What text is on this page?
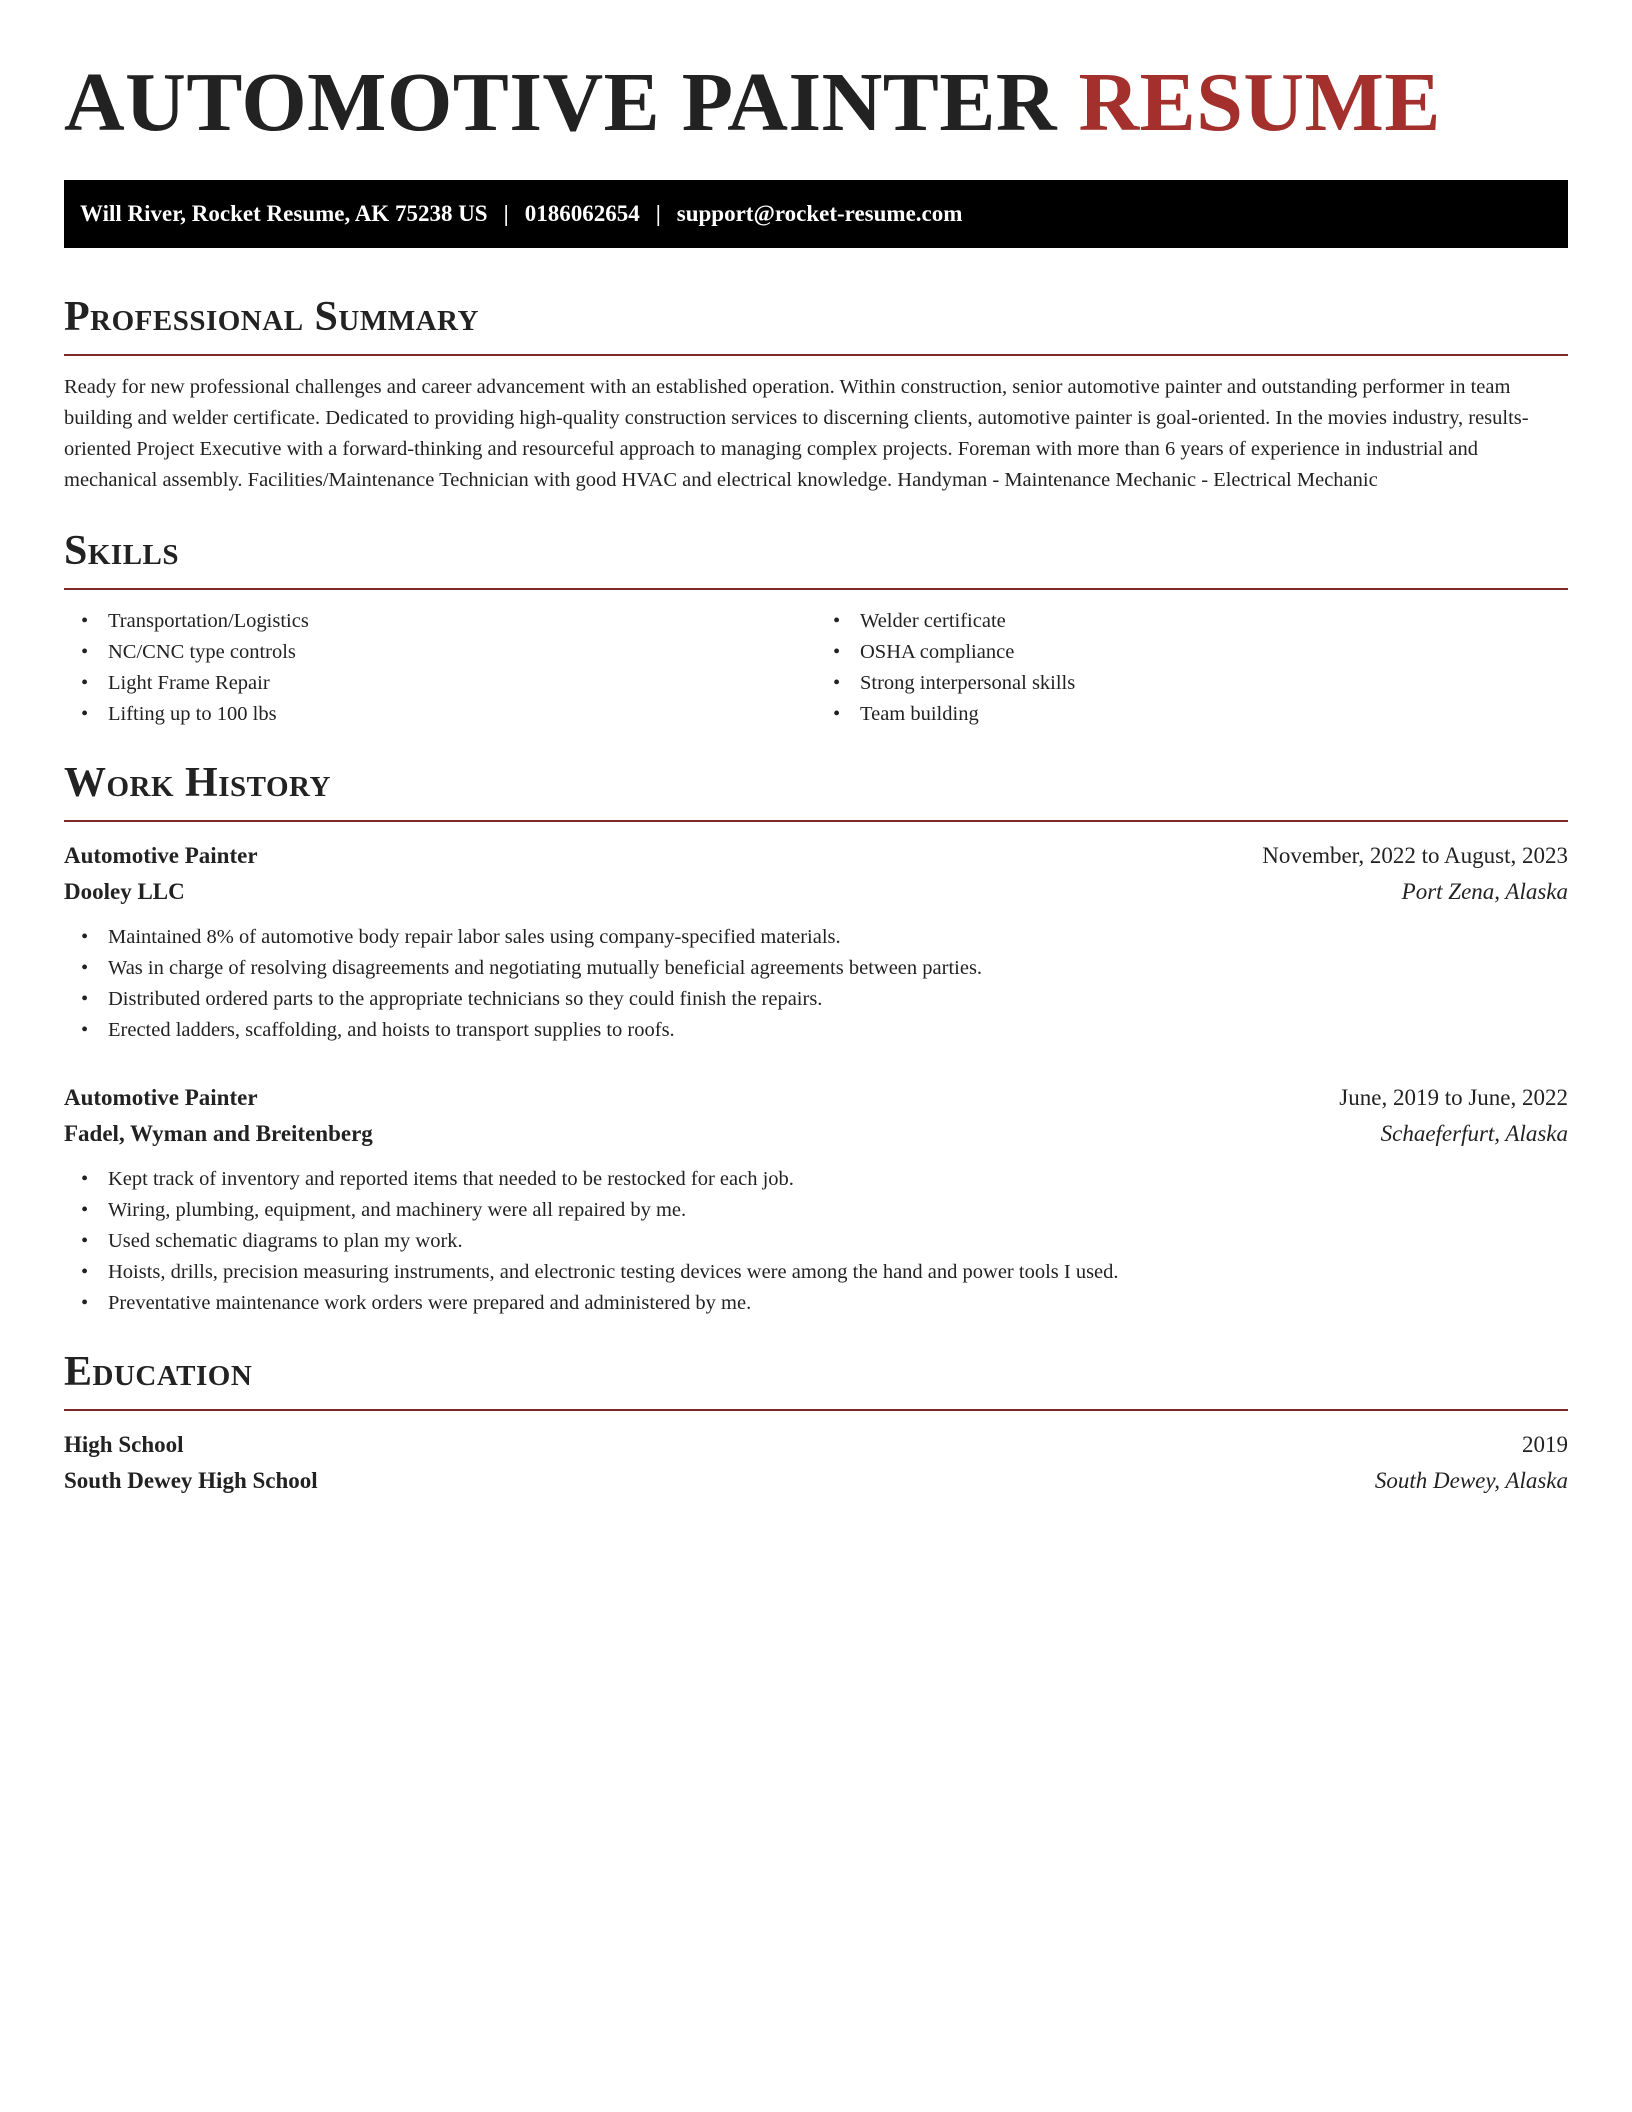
AUTOMOTIVE PAINTER RESUME
Will River, Rocket Resume, AK 75238 US | 0186062654 | support@rocket-resume.com
Professional Summary

Ready for new professional challenges and career advancement with an established operation. Within construction, senior automotive painter and outstanding performer in team building and welder certificate. Dedicated to providing high-quality construction services to discerning clients, automotive painter is goal-oriented. In the movies industry, results-oriented Project Executive with a forward-thinking and resourceful approach to managing complex projects. Foreman with more than 6 years of experience in industrial and mechanical assembly. Facilities/Maintenance Technician with good HVAC and electrical knowledge. Handyman - Maintenance Mechanic - Electrical Mechanic

Skills
• Transportation/Logistics
• NC/CNC type controls
• Light Frame Repair
• Lifting up to 100 lbs
• Welder certificate
• OSHA compliance
• Strong interpersonal skills
• Team building
Work History
Automotive Painter	November, 2022 to August, 2023
Dooley LLC	Port Zena, Alaska
• Maintained 8% of automotive body repair labor sales using company-specified materials.
• Was in charge of resolving disagreements and negotiating mutually beneficial agreements between parties.
• Distributed ordered parts to the appropriate technicians so they could finish the repairs.
• Erected ladders, scaffolding, and hoists to transport supplies to roofs.
Automotive Painter	June, 2019 to June, 2022
Fadel, Wyman and Breitenberg	Schaeferfurt, Alaska
• Kept track of inventory and reported items that needed to be restocked for each job.
• Wiring, plumbing, equipment, and machinery were all repaired by me.
• Used schematic diagrams to plan my work.
• Hoists, drills, precision measuring instruments, and electronic testing devices were among the hand and power tools I used.
• Preventative maintenance work orders were prepared and administered by me.
Education
High School	2019
South Dewey High School	South Dewey, Alaska
